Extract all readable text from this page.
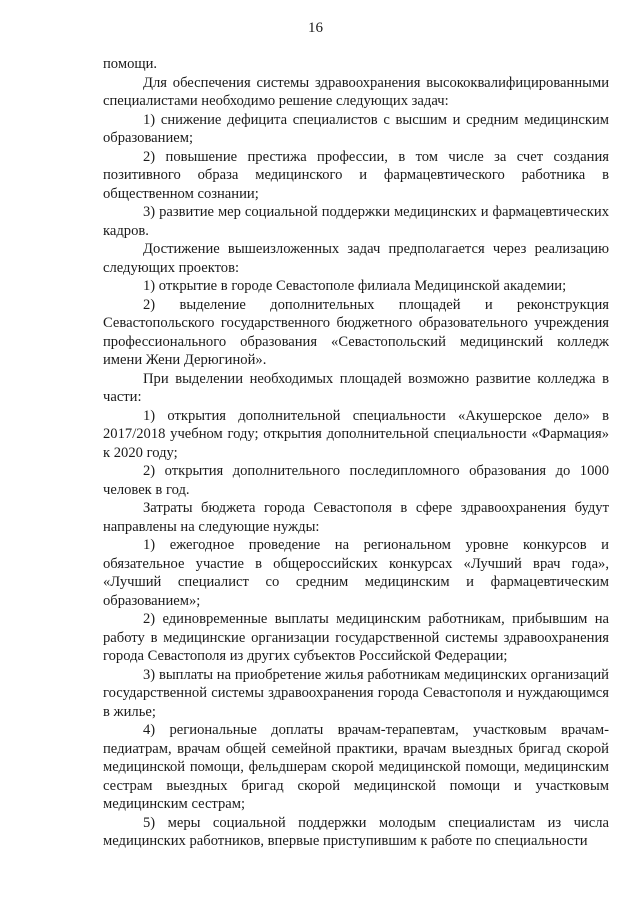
16

помощи.

Для обеспечения системы здравоохранения высококвалифицированными специалистами необходимо решение следующих задач:

1) снижение дефицита специалистов с высшим и средним медицинским образованием;

2) повышение престижа профессии, в том числе за счет создания позитивного образа медицинского и фармацевтического работника в общественном сознании;

3) развитие мер социальной поддержки медицинских и фармацевтических кадров.

Достижение вышеизложенных задач предполагается через реализацию следующих проектов:

1) открытие в городе Севастополе филиала Медицинской академии;

2) выделение дополнительных площадей и реконструкция Севастопольского государственного бюджетного образовательного учреждения профессионального образования «Севастопольский медицинский колледж имени Жени Дерюгиной».

При выделении необходимых площадей возможно развитие колледжа в части:

1) открытия дополнительной специальности «Акушерское дело» в 2017/2018 учебном году; открытия дополнительной специальности «Фармация» к 2020 году;

2) открытия дополнительного последипломного образования до 1000 человек в год.

Затраты бюджета города Севастополя в сфере здравоохранения будут направлены на следующие нужды:

1) ежегодное проведение на региональном уровне конкурсов и обязательное участие в общероссийских конкурсах «Лучший врач года», «Лучший специалист со средним медицинским и фармацевтическим образованием»;

2) единовременные выплаты медицинским работникам, прибывшим на работу в медицинские организации государственной системы здравоохранения города Севастополя из других субъектов Российской Федерации;

3) выплаты на приобретение жилья работникам медицинских организаций государственной системы здравоохранения города Севастополя и нуждающимся в жилье;

4) региональные доплаты врачам-терапевтам, участковым врачам-педиатрам, врачам общей семейной практики, врачам выездных бригад скорой медицинской помощи, фельдшерам скорой медицинской помощи, медицинским сестрам выездных бригад скорой медицинской помощи и участковым медицинским сестрам;

5) меры социальной поддержки молодым специалистам из числа медицинских работников, впервые приступившим к работе по специальности
